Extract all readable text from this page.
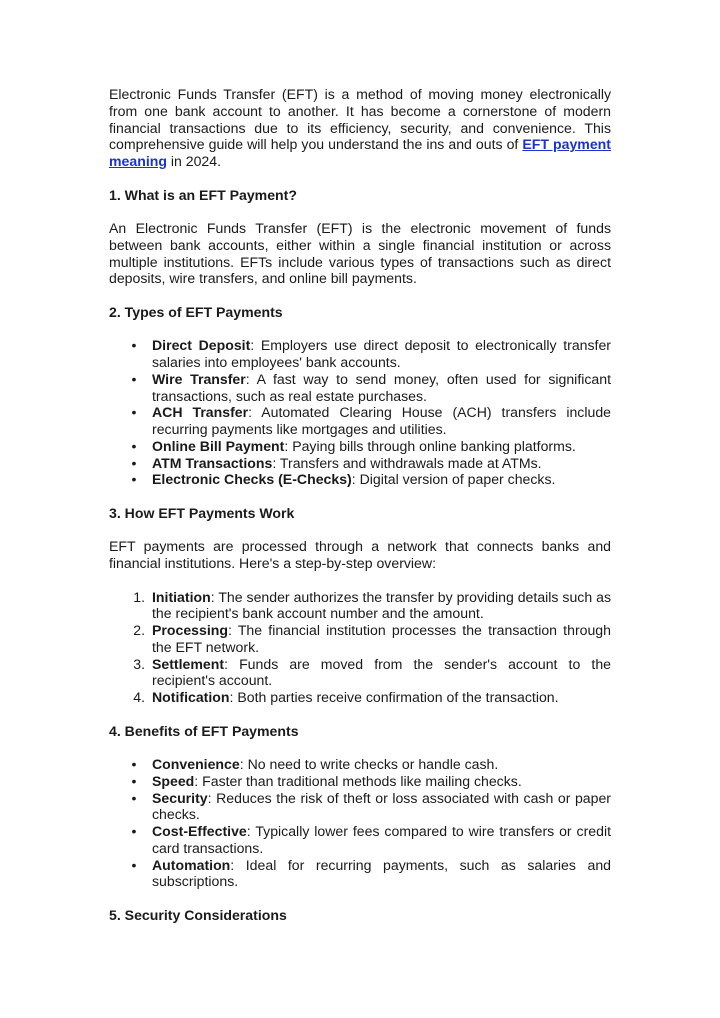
Electronic Funds Transfer (EFT) is a method of moving money electronically from one bank account to another. It has become a cornerstone of modern financial transactions due to its efficiency, security, and convenience. This comprehensive guide will help you understand the ins and outs of EFT payment meaning in 2024.

1. What is an EFT Payment?

An Electronic Funds Transfer (EFT) is the electronic movement of funds between bank accounts, either within a single financial institution or across multiple institutions. EFTs include various types of transactions such as direct deposits, wire transfers, and online bill payments.

2. Types of EFT Payments

• Direct Deposit: Employers use direct deposit to electronically transfer salaries into employees' bank accounts.
• Wire Transfer: A fast way to send money, often used for significant transactions, such as real estate purchases.
• ACH Transfer: Automated Clearing House (ACH) transfers include recurring payments like mortgages and utilities.
• Online Bill Payment: Paying bills through online banking platforms.
• ATM Transactions: Transfers and withdrawals made at ATMs.
• Electronic Checks (E-Checks): Digital version of paper checks.

3. How EFT Payments Work

EFT payments are processed through a network that connects banks and financial institutions. Here's a step-by-step overview:

1. Initiation: The sender authorizes the transfer by providing details such as the recipient's bank account number and the amount.
2. Processing: The financial institution processes the transaction through the EFT network.
3. Settlement: Funds are moved from the sender's account to the recipient's account.
4. Notification: Both parties receive confirmation of the transaction.

4. Benefits of EFT Payments

• Convenience: No need to write checks or handle cash.
• Speed: Faster than traditional methods like mailing checks.
• Security: Reduces the risk of theft or loss associated with cash or paper checks.
• Cost-Effective: Typically lower fees compared to wire transfers or credit card transactions.
• Automation: Ideal for recurring payments, such as salaries and subscriptions.

5. Security Considerations
